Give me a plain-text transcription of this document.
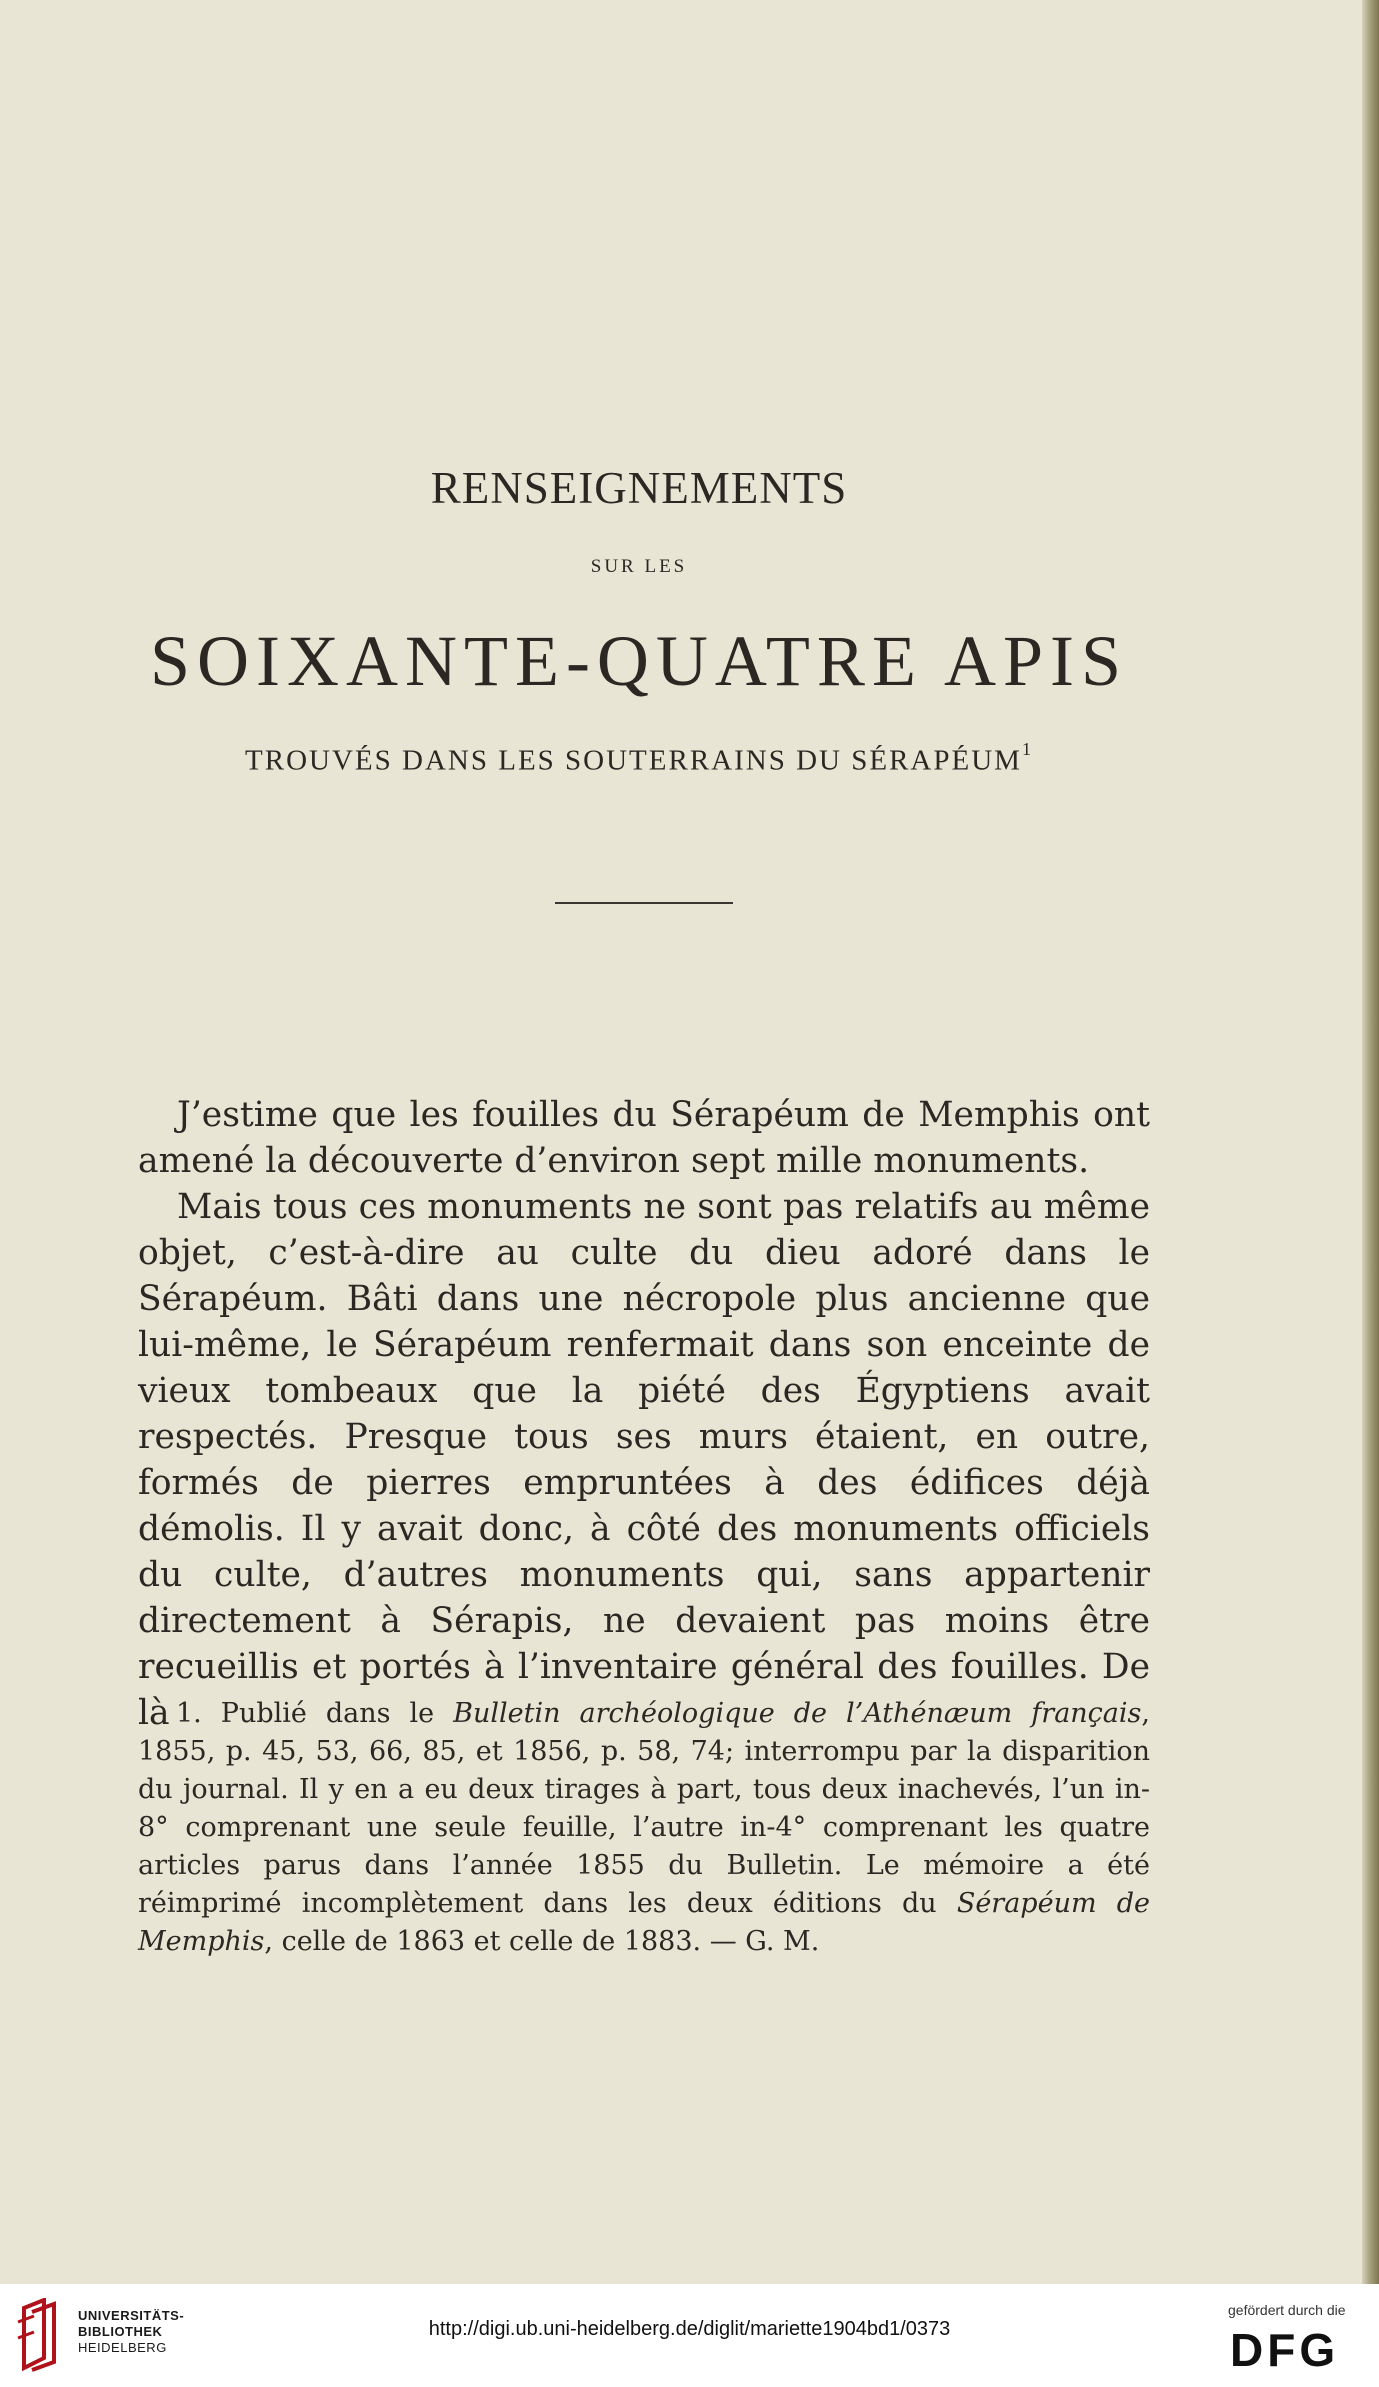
RENSEIGNEMENTS
SUR LES
SOIXANTE-QUATRE APIS
TROUVÉS DANS LES SOUTERRAINS DU SÉRAPÉUM$^1$

J’estime que les fouilles du Sérapéum de Memphis ont amené la découverte d’environ sept mille monuments.

Mais tous ces monuments ne sont pas relatifs au même objet, c’est-à-dire au culte du dieu adoré dans le Sérapéum. Bâti dans une nécropole plus ancienne que lui-même, le Sérapéum renfermait dans son enceinte de vieux tombeaux que la piété des Égyptiens avait respectés. Presque tous ses murs étaient, en outre, formés de pierres empruntées à des édifices déjà démolis. Il y avait donc, à côté des monuments officiels du culte, d’autres monuments qui, sans appartenir directement à Sérapis, ne devaient pas moins être recueillis et portés à l’inventaire général des fouilles. De là 1. Publié dans le Bulletin archéologique de l’Athénæum français, 1855, p. 45, 53, 66, 85, et 1856, p. 58, 74; interrompu par la disparition du journal. Il y en a eu deux tirages à part, tous deux inachevés, l’un in-8° comprenant une seule feuille, l’autre in-4° comprenant les quatre articles parus dans l’année 1855 du Bulletin. Le mémoire a été réimprimé incomplètement dans les deux éditions du Sérapéum de Memphis, celle de 1863 et celle de 1883. — G. M.
UNIVERSITÄTS-
BIBLIOTHEK
HEIDELBERG
http://digi.ub.uni-heidelberg.de/diglit/mariette1904bd1/0373
gefördert durch die
DFG
